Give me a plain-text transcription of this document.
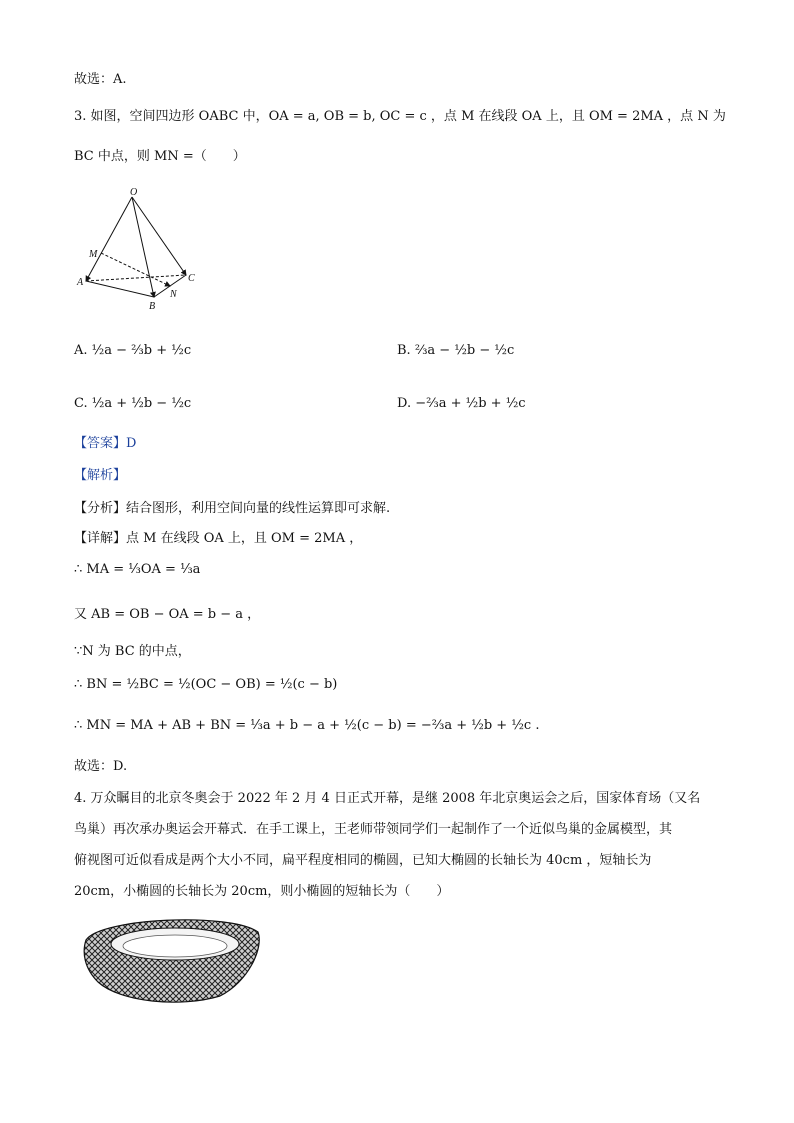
故选：A.
3. 如图，空间四边形 OABC 中，OA = a, OB = b, OC = c ，点 M 在线段 OA 上，且 OM = 2MA ，点 N 为
BC 中点，则 MN =（　　）
O
M
A
B
C
N
A. ½a − ⅔b + ½c	B. ⅔a − ½b − ½c
C. ½a + ½b − ½c	D. −⅔a + ½b + ½c
【答案】D
【解析】
【分析】结合图形，利用空间向量的线性运算即可求解.
【详解】点 M 在线段 OA 上，且 OM = 2MA ，
∴ MA = ⅓OA = ⅓a
又 AB = OB − OA = b − a ，
∵N 为 BC 的中点，
∴ BN = ½BC = ½(OC − OB) = ½(c − b)
∴ MN = MA + AB + BN = ⅓a + b − a + ½(c − b) = −⅔a + ½b + ½c .
故选：D.
4. 万众瞩目的北京冬奥会于 2022 年 2 月 4 日正式开幕，是继 2008 年北京奥运会之后，国家体育场（又名
鸟巢）再次承办奥运会开幕式．在手工课上，王老师带领同学们一起制作了一个近似鸟巢的金属模型，其
俯视图可近似看成是两个大小不同，扁平程度相同的椭圆，已知大椭圆的长轴长为 40cm ，短轴长为
20cm，小椭圆的长轴长为 20cm，则小椭圆的短轴长为（　　）
